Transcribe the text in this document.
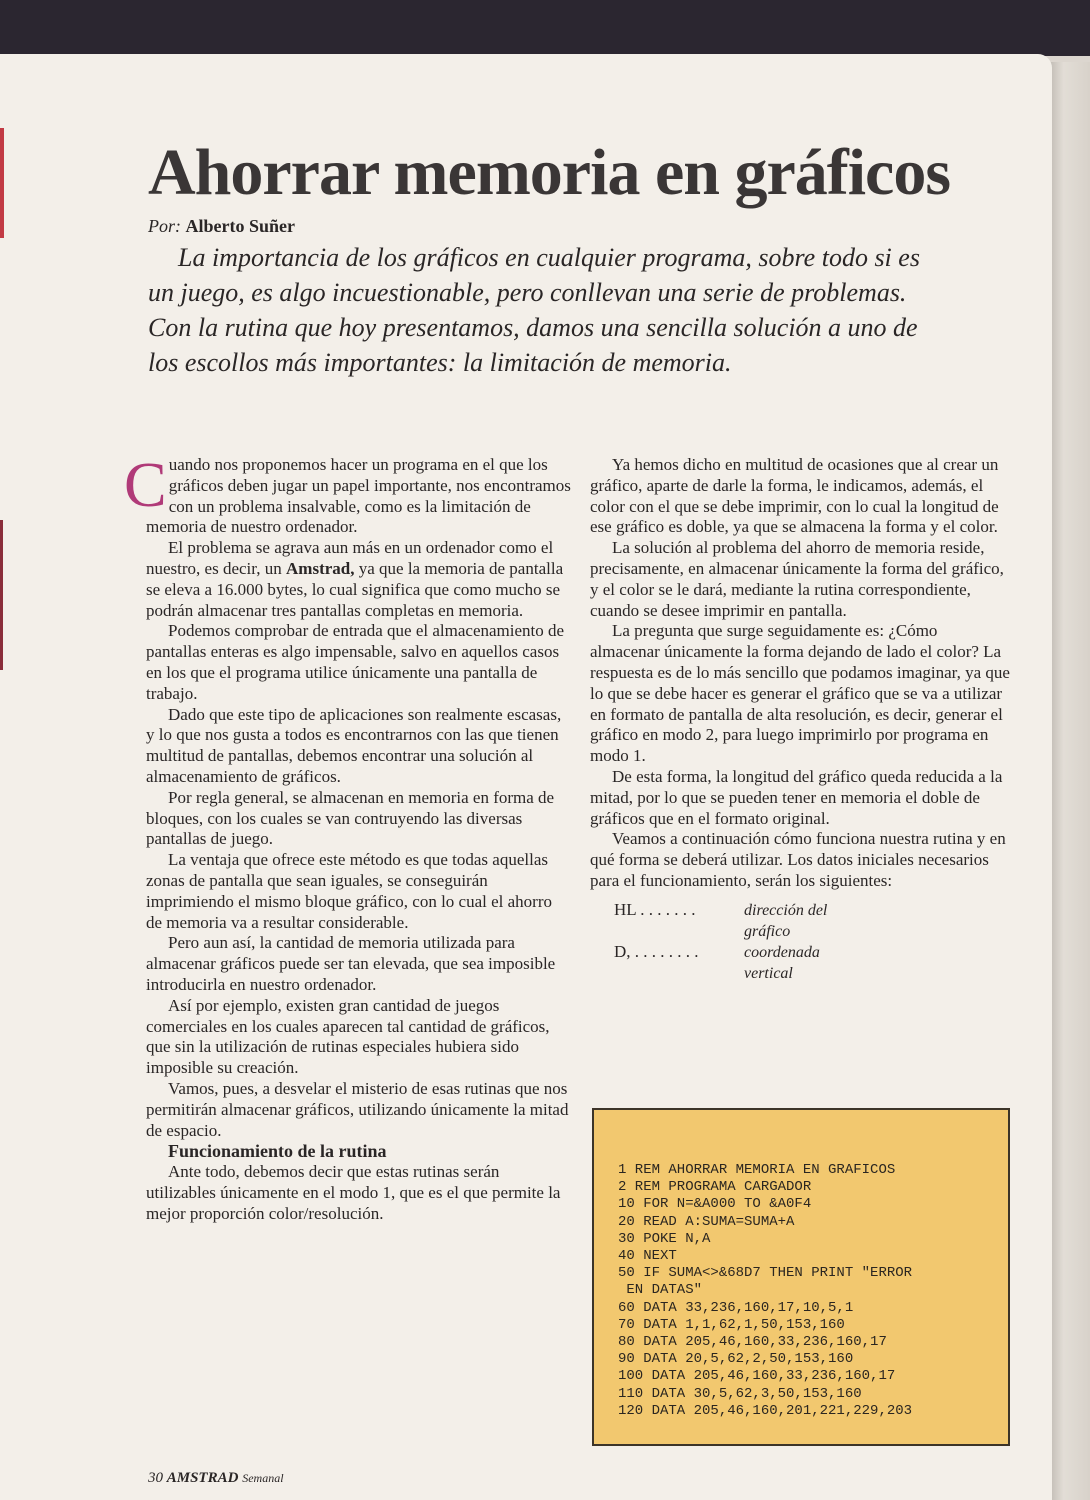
Ahorrar memoria en gráficos
Por: Alberto Suñer

La importancia de los gráficos en cualquier programa, sobre todo si es un juego, es algo incuestionable, pero conllevan una serie de problemas. Con la rutina que hoy presentamos, damos una sencilla solución a uno de los escollos más importantes: la limitación de memoria.

Cuando nos proponemos hacer un programa en el que los gráficos deben jugar un papel importante, nos encontramos con un problema insalvable, como es la limitación de memoria de nuestro ordenador.

El problema se agrava aun más en un ordenador como el nuestro, es decir, un Amstrad, ya que la memoria de pantalla se eleva a 16.000 bytes, lo cual significa que como mucho se podrán almacenar tres pantallas completas en memoria.

Podemos comprobar de entrada que el almacenamiento de pantallas enteras es algo impensable, salvo en aquellos casos en los que el programa utilice únicamente una pantalla de trabajo.

Dado que este tipo de aplicaciones son realmente escasas, y lo que nos gusta a todos es encontrarnos con las que tienen multitud de pantallas, debemos encontrar una solución al almacenamiento de gráficos.

Por regla general, se almacenan en memoria en forma de bloques, con los cuales se van contruyendo las diversas pantallas de juego.

La ventaja que ofrece este método es que todas aquellas zonas de pantalla que sean iguales, se conseguirán imprimiendo el mismo bloque gráfico, con lo cual el ahorro de memoria va a resultar considerable.

Pero aun así, la cantidad de memoria utilizada para almacenar gráficos puede ser tan elevada, que sea imposible introducirla en nuestro ordenador.

Así por ejemplo, existen gran cantidad de juegos comerciales en los cuales aparecen tal cantidad de gráficos, que sin la utilización de rutinas especiales hubiera sido imposible su creación.

Vamos, pues, a desvelar el misterio de esas rutinas que nos permitirán almacenar gráficos, utilizando únicamente la mitad de espacio.

Funcionamiento de la rutina

Ante todo, debemos decir que estas rutinas serán utilizables únicamente en el modo 1, que es el que permite la mejor proporción color/resolución.

Ya hemos dicho en multitud de ocasiones que al crear un gráfico, aparte de darle la forma, le indicamos, además, el color con el que se debe imprimir, con lo cual la longitud de ese gráfico es doble, ya que se almacena la forma y el color.

La solución al problema del ahorro de memoria reside, precisamente, en almacenar únicamente la forma del gráfico, y el color se le dará, mediante la rutina correspondiente, cuando se desee imprimir en pantalla.

La pregunta que surge seguidamente es: ¿Cómo almacenar únicamente la forma dejando de lado el color? La respuesta es de lo más sencillo que podamos imaginar, ya que lo que se debe hacer es generar el gráfico que se va a utilizar en formato de pantalla de alta resolución, es decir, generar el gráfico en modo 2, para luego imprimirlo por programa en modo 1.

De esta forma, la longitud del gráfico queda reducida a la mitad, por lo que se pueden tener en memoria el doble de gráficos que en el formato original.

Veamos a continuación cómo funciona nuestra rutina y en qué forma se deberá utilizar. Los datos iniciales necesarios para el funcionamiento, serán los siguientes:

HL . . . . . . .	dirección del gráfico
D, . . . . . . . .	coordenada vertical
1 REM AHORRAR MEMORIA EN GRAFICOS
2 REM PROGRAMA CARGADOR
10 FOR N=&A000 TO &A0F4
20 READ A:SUMA=SUMA+A
30 POKE N,A
40 NEXT
50 IF SUMA<>&68D7 THEN PRINT "ERROR
EN DATAS"
60 DATA 33,236,160,17,10,5,1
70 DATA 1,1,62,1,50,153,160
80 DATA 205,46,160,33,236,160,17
90 DATA 20,5,62,2,50,153,160
100 DATA 205,46,160,33,236,160,17
110 DATA 30,5,62,3,50,153,160
120 DATA 205,46,160,201,221,229,203
30 AMSTRAD Semanal
